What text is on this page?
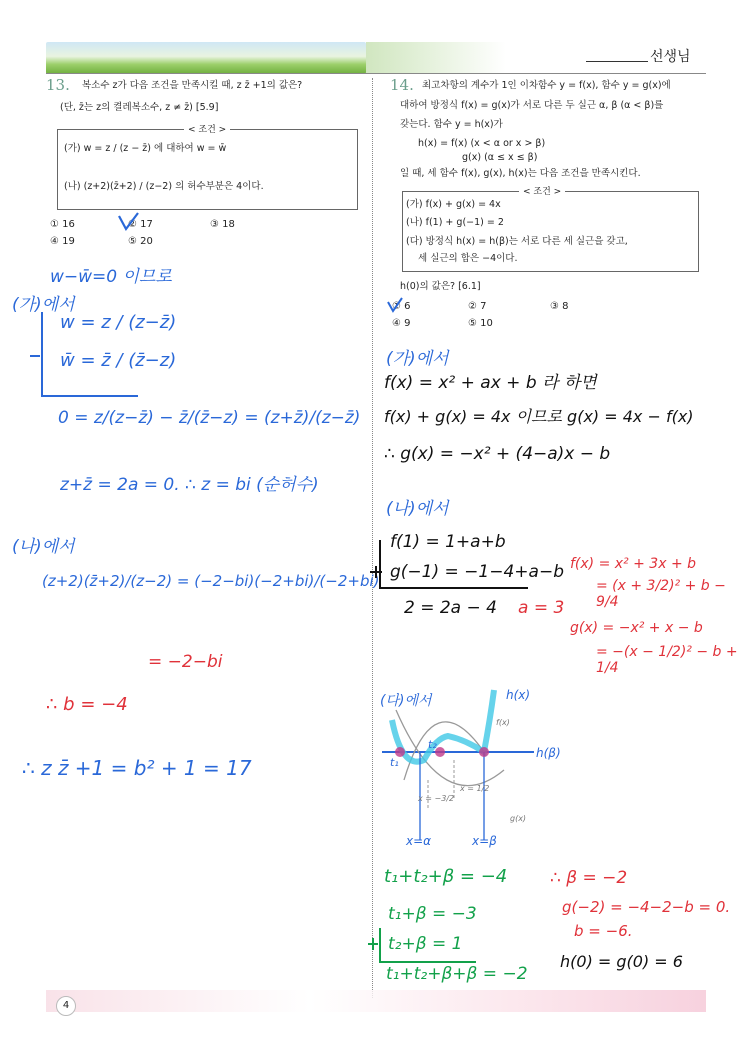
선생님
13. 복소수 z가 다음 조건을 만족시킬 때, z z̄ +1의 값은?
(단, z̄는 z의 켤레복소수, z ≠ z̄) [5.9]
< 조건 >
(가) w = z / (z − z̄) 에 대하여 w = w̄
(나) (z+2)(z̄+2) / (z−2) 의 허수부분은 4이다.
① 16	② 17	③ 18
④ 19	⑤ 20
w−w̄=0 이므로
(가)에서
w = z / (z−z̄)
w̄ = z̄ / (z̄−z)
0 = z/(z−z̄) − z̄/(z̄−z) = (z+z̄)/(z−z̄)
z+z̄ = 2a = 0. ∴ z = bi (순허수)
(나)에서
(z+2)(z̄+2)/(z−2) = (−2−bi)(−2+bi)/(−2+bi)
= −2−bi
∴ b = −4
∴ z z̄ +1 = b² + 1 = 17
14. 최고차항의 계수가 1인 이차함수 y = f(x), 함수 y = g(x)에
대하여 방정식 f(x) = g(x)가 서로 다른 두 실근 α, β (α < β)를
갖는다. 함수 y = h(x)가
h(x) = f(x) (x < α or x > β)
g(x) (α ≤ x ≤ β)
일 때, 세 함수 f(x), g(x), h(x)는 다음 조건을 만족시킨다.
< 조건 >
(가) f(x) + g(x) = 4x
(나) f(1) + g(−1) = 2
(다) 방정식 h(x) = h(β)는 서로 다른 세 실근을 갖고,
세 실근의 합은 −4이다.
h(0)의 값은? [6.1]
① 6	② 7	③ 8
④ 9	⑤ 10
(가)에서
f(x) = x² + ax + b 라 하면
f(x) + g(x) = 4x 이므로 g(x) = 4x − f(x)
∴ g(x) = −x² + (4−a)x − b
(나)에서
f(1) = 1+a+b
g(−1) = −1−4+a−b
2 = 2a − 4 a = 3
f(x) = x² + 3x + b
= (x + 3/2)² + b − 9/4
g(x) = −x² + x − b
= −(x − 1/2)² − b + 1/4
(다)에서	h(x)
h(β)
t₁
t₂
f(x)
g(x)
x = −3/2
x = 1/2
x=α	x=β
t₁+t₂+β = −4
t₁+β = −3
t₂+β = 1
t₁+t₂+β+β = −2
∴ β = −2
g(−2) = −4−2−b = 0.
b = −6.
h(0) = g(0) = 6
4
